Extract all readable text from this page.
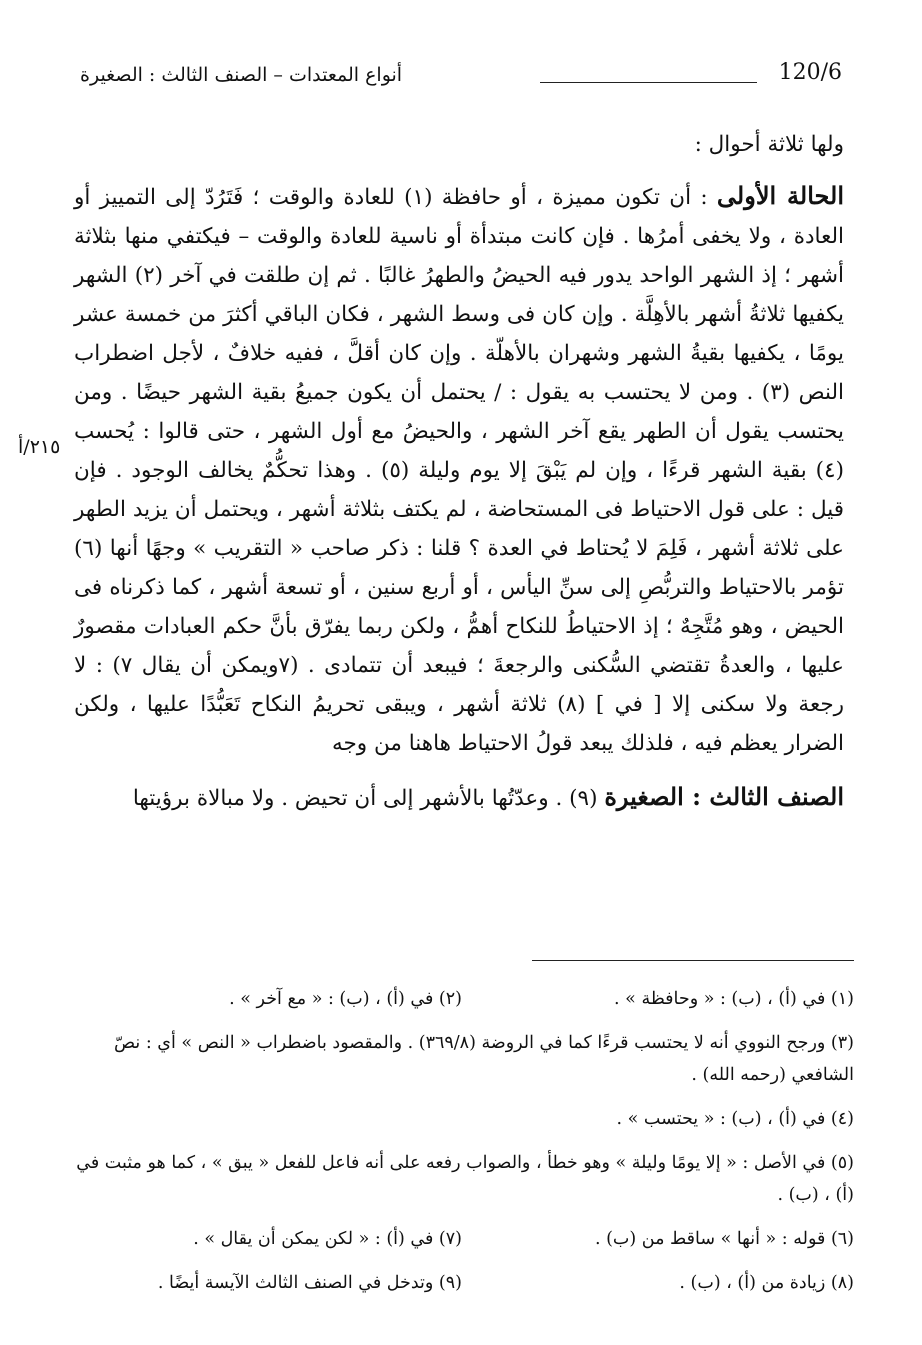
120/6
أنواع المعتدات – الصنف الثالث : الصغيرة

ولها ثلاثة أحوال :

الحالة الأولى : أن تكون مميزة ، أو حافظة (١) للعادة والوقت ؛ فَتَرُدّ إلى التمييز أو العادة ، ولا يخفى أمرُها . فإن كانت مبتدأة أو ناسية للعادة والوقت – فيكتفي منها بثلاثة أشهر ؛ إذ الشهر الواحد يدور فيه الحيضُ والطهرُ غالبًا . ثم إن طلقت في آخر (٢) الشهر يكفيها ثلاثةُ أشهر بالأهِلَّة . وإن كان فى وسط الشهر ، فكان الباقي أكثرَ من خمسة عشر يومًا ، يكفيها بقيةُ الشهر وشهران بالأهلّة . وإن كان أقلَّ ، ففيه خلافٌ ، لأجل اضطراب النص (٣) . ومن لا يحتسب به يقول : / يحتمل أن يكون جميعُ بقية الشهر حيضًا . ومن يحتسب يقول أن الطهر يقع آخر الشهر ، والحيضُ مع أول الشهر ، حتى قالوا : يُحسب (٤) بقية الشهر قرءًا ، وإن لم يَبْقَ إلا يوم وليلة (٥) . وهذا تحكُّمٌ يخالف الوجود . فإن قيل : على قول الاحتياط فى المستحاضة ، لم يكتف بثلاثة أشهر ، ويحتمل أن يزيد الطهر على ثلاثة أشهر ، فَلِمَ لا يُحتاط في العدة ؟ قلنا : ذكر صاحب « التقريب » وجهًا أنها (٦) تؤمر بالاحتياط والتربُّصِ إلى سنِّ اليأس ، أو أربع سنين ، أو تسعة أشهر ، كما ذكرناه فى الحيض ، وهو مُتَّجِهٌ ؛ إذ الاحتياطُ للنكاح أهمُّ ، ولكن ربما يفرّق بأنَّ حكم العبادات مقصورٌ عليها ، والعدةُ تقتضي السُّكنى والرجعةَ ؛ فيبعد أن تتمادى . (٧ويمكن أن يقال ٧) : لا رجعة ولا سكنى إلا [ في ] (٨) ثلاثة أشهر ، ويبقى تحريمُ النكاح تَعَبُّدًا عليها ، ولكن الضرار يعظم فيه ، فلذلك يبعد قولُ الاحتياط هاهنا من وجه

الصنف الثالث : الصغيرة (٩) . وعدّتُها بالأشهر إلى أن تحيض . ولا مبالاة برؤيتها

٢١٥/أ
(١) في (أ) ، (ب) : « وحافظة » .
(٢) في (أ) ، (ب) : « مع آخر » .
(٣) ورجح النووي أنه لا يحتسب قرءًا كما في الروضة (٣٦٩/٨) . والمقصود باضطراب « النص » أي : نصّ الشافعي (رحمه الله) .
(٤) في (أ) ، (ب) : « يحتسب » .
(٥) في الأصل : « إلا يومًا وليلة » وهو خطأ ، والصواب رفعه على أنه فاعل للفعل « يبق » ، كما هو مثبت في (أ) ، (ب) .
(٦) قوله : « أنها » ساقط من (ب) .
(٧) في (أ) : « لكن يمكن أن يقال » .
(٨) زيادة من (أ) ، (ب) .
(٩) وتدخل في الصنف الثالث الآيسة أيضًا .
